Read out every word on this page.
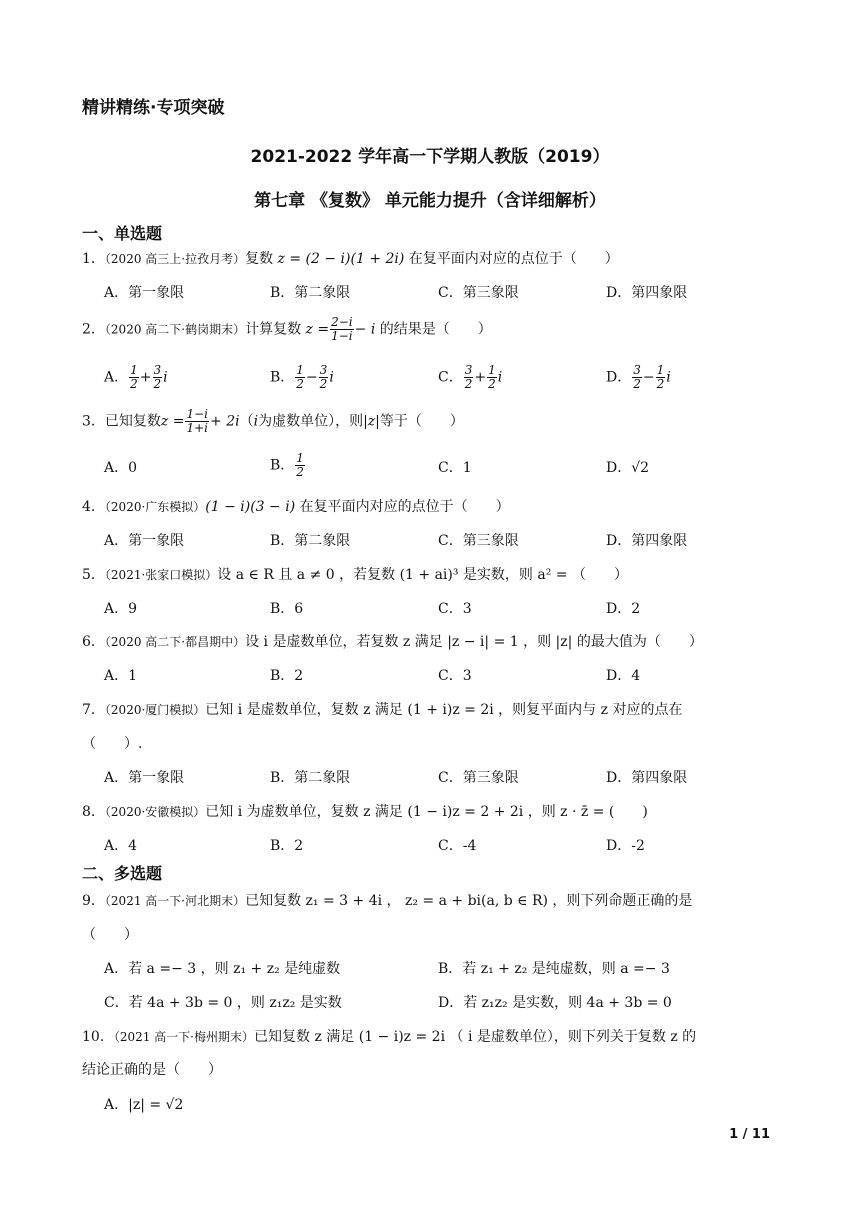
精讲精练·专项突破
2021-2022 学年高一下学期人教版（2019）
第七章 《复数》 单元能力提升（含详细解析）
一、单选题
1．（2020 高三上·拉孜月考）复数 z = (2 − i)(1 + 2i) 在复平面内对应的点位于（　　）
A．第一象限	B．第二象限	C．第三象限	D．第四象限
2．（2020 高二下·鹤岗期末）计算复数 $z = \frac{2-i}{1-i} - i$ 的结果是（　　）
A． $\frac{1}{2} + \frac{3}{2}$ i	B． $\frac{1}{2} - \frac{3}{2}$ i	C． $\frac{3}{2} + \frac{1}{2}$ i	D． $\frac{3}{2} - \frac{1}{2}$ i
3．已知复数$z = \frac{1-i}{1+i} + 2i(i$为虚数单位），则|z|等于（　　）
A．0	B． $\frac{1}{2}$	C．1	D．√2
4．（2020·广东模拟）(1 − i)(3 − i) 在复平面内对应的点位于（　　）
A．第一象限	B．第二象限	C．第三象限	D．第四象限
5．（2021·张家口模拟）设 a ∈ R 且 a ≠ 0 ，若复数 (1 + ai)³ 是实数，则 a² = （　　）
A．9	B．6	C．3	D．2
6．（2020 高二下·都昌期中）设 i 是虚数单位，若复数 z 满足 |z − i| = 1 ，则 |z| 的最大值为（　　）
A．1	B．2	C．3	D．4
7．（2020·厦门模拟）已知 i 是虚数单位，复数 z 满足 (1 + i)z = 2i ，则复平面内与 z 对应的点在
（　　）.
A．第一象限	B．第二象限	C．第三象限	D．第四象限
8．（2020·安徽模拟）已知 i 为虚数单位，复数 z 满足 (1 − i)z = 2 + 2i ，则 z · z̄ = (　　)
A．4	B．2	C．-4	D．-2
二、多选题
9．（2021 高一下·河北期末）已知复数 z₁ = 3 + 4i ， z₂ = a + bi(a, b ∈ R) ，则下列命题正确的是
（　　）
A．若 a =− 3 ，则 z₁ + z₂ 是纯虚数	B．若 z₁ + z₂ 是纯虚数，则 a =− 3
C．若 4a + 3b = 0 ，则 z₁z₂ 是实数	D．若 z₁z₂ 是实数，则 4a + 3b = 0
10．（2021 高一下·梅州期末）已知复数 z 满足 (1 − i)z = 2i （ i 是虚数单位），则下列关于复数 z 的
结论正确的是（　　）
A．|z| = √2
1 / 11
